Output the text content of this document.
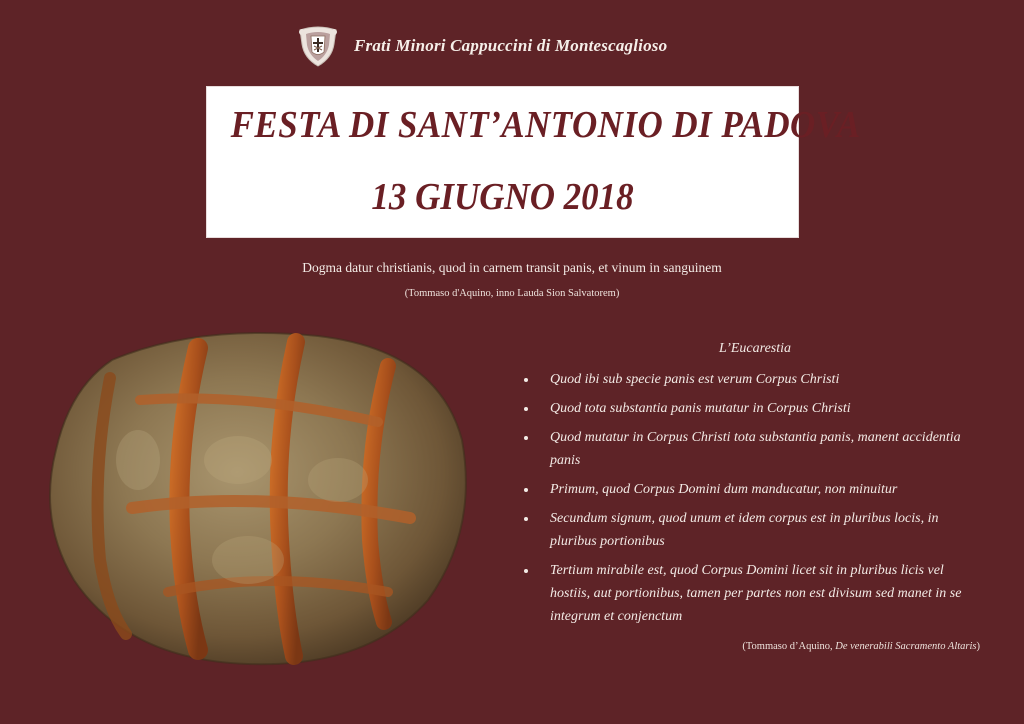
Frati Minori Cappuccini di Montescaglioso
FESTA DI SANT’ANTONIO DI PADOVA
13 GIUGNO 2018
Dogma datur christianis, quod in carnem transit panis, et vinum in sanguinem
(Tommaso d'Aquino, inno Lauda Sion Salvatorem)
L’Eucarestia
Quod ibi sub specie panis est verum Corpus Christi
Quod tota substantia panis mutatur in Corpus Christi
Quod mutatur in Corpus Christi tota substantia panis, manent accidentia panis
Primum, quod Corpus Domini dum manducatur, non minuitur
Secundum signum, quod unum et idem corpus est in pluribus locis, in pluribus portionibus
Tertium mirabile est, quod Corpus Domini licet sit in pluribus licis vel hostiis, aut portionibus, tamen per partes non est divisum sed manet in se integrum et conjenctum
(Tommaso d’Aquino, De venerabili Sacramento Altaris)
